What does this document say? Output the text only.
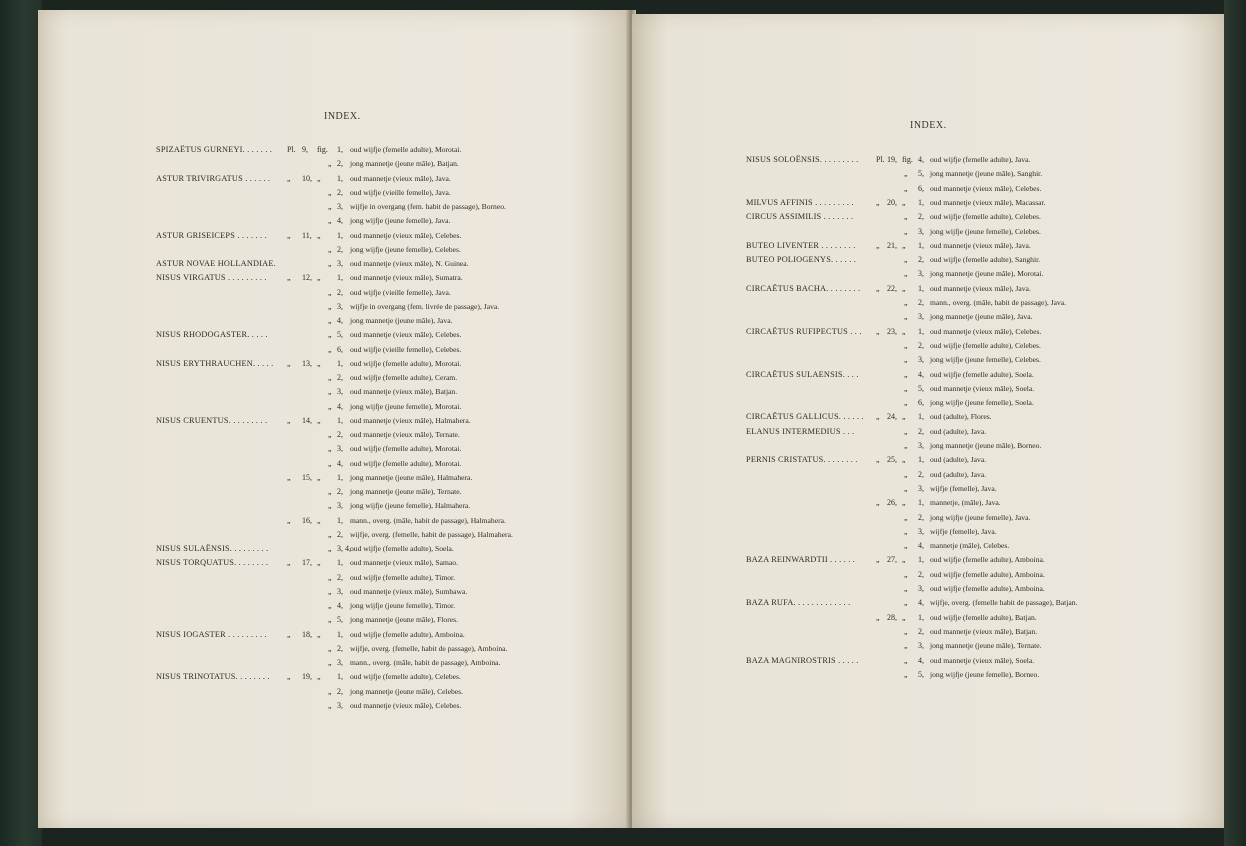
INDEX.
SPIZAËTUS GURNEYI. . . . . . . Pl. 9, fig. 1, oud wijfje (femelle adulte), Morotai.
„ 2, jong mannetje (jeune mâle), Batjan.
ASTUR TRIVIRGATUS . . . . . . „ 10, „ 1, oud mannetje (vieux mâle), Java.
„ 2, oud wijfje (vieille femelle), Java.
„ 3, wijfje in overgang (fem. habit de passage), Borneo.
„ 4, jong wijfje (jeune femelle), Java.
ASTUR GRISEICEPS . . . . . . .	„ 11, „ 1, oud mannetje (vieux mâle), Celebes.
„ 2, jong wijfje (jeune femelle), Celebes.
ASTUR NOVAE HOLLANDIAE.	„ 3, oud mannetje (vieux mâle), N. Guinea.
NISUS VIRGATUS . . . . . . . . .	„ 12, „ 1, oud mannetje (vieux mâle), Sumatra.
„ 2, oud wijfje (vieille femelle), Java.
„ 3, wijfje in overgang (fem. livrée de passage), Java.
„ 4, jong mannetje (jeune mâle), Java.
NISUS RHODOGASTER. . . . .	„ 5, oud mannetje (vieux mâle), Celebes.
„ 6, oud wijfje (vieille femelle), Celebes.
NISUS ERYTHRAUCHEN. . . . . „ 13, „ 1, oud wijfje (femelle adulte), Morotai.
„ 2, oud wijfje (femelle adulte), Ceram.
„ 3, oud mannetje (vieux mâle), Batjan.
„ 4, jong wijfje (jeune femelle), Morotai.
NISUS CRUENTUS. . . . . . . . . „ 14, „ 1, oud mannetje (vieux mâle), Halmahera.
„ 2, oud mannetje (vieux mâle), Ternate.
„ 3, oud wijfje (femelle adulte), Morotai.
„ 4, oud wijfje (femelle adulte), Morotai.
„ 15, „ 1, jong mannetje (jeune mâle), Halmahera.
„ 2, jong mannetje (jeune mâle), Ternate.
„ 3, jong wijfje (jeune femelle), Halmahera.
„ 16, „ 1, mann., overg. (mâle, habit de passage), Halmahera.
„ 2, wijfje, overg. (femelle, habit de passage), Halmahera.
NISUS SULAËNSIS. . . . . . . . .	„ 3, 4, oud wijfje (femelle adulte), Soela.
NISUS TORQUATUS. . . . . . . . „ 17, „ 1, oud mannetje (vieux mâle), Samao.
„ 2, oud wijfje (femelle adulte), Timor.
„ 3, oud mannetje (vieux mâle), Sumbawa.
„ 4, jong wijfje (jeune femelle), Timor.
„ 5, jong mannetje (jeune mâle), Flores.
NISUS IOGASTER . . . . . . . . .	„ 18, „ 1, oud wijfje (femelle adulte), Amboina.
„ 2, wijfje, overg. (femelle, habit de passage), Amboina.
„ 3, mann., overg. (mâle, habit de passage), Amboina.
NISUS TRINOTATUS. . . . . . . . „ 19, „ 1, oud wijfje (femelle adulte), Celebes.
„ 2, jong mannetje (jeune mâle), Celebes.
„ 3, oud mannetje (vieux mâle), Celebes.
INDEX.
NISUS SOLOËNSIS. . . . . . . . . Pl. 19, fig. 4, oud wijfje (femelle adulte), Java.
„ 5, jong mannetje (jeune mâle), Sanghir.
„ 6, oud mannetje (vieux mâle), Celebes.
MILVUS AFFINIS . . . . . . . . .	„ 20, „ 1, oud mannetje (vieux mâle), Macassar.
CIRCUS ASSIMILIS . . . . . . .	„ 2, oud wijfje (femelle adulte), Celebes.
„ 3, jong wijfje (jeune femelle), Celebes.
BUTEO LIVENTER . . . . . . . .	„ 21, „ 1, oud mannetje (vieux mâle), Java.
BUTEO POLIOGENYS. . . . . .	„ 2, oud wijfje (femelle adulte), Sanghir.
„ 3, jong mannetje (jeune mâle), Morotai.
CIRCAËTUS BACHA. . . . . . . . „ 22, „ 1, oud mannetje (vieux mâle), Java.
„ 2, mann., overg. (mâle, habit de passage), Java.
„ 3, jong mannetje (jeune mâle), Java.
CIRCAËTUS RUFIPECTUS . . . „ 23, „ 1, oud mannetje (vieux mâle), Celebes.
„ 2, oud wijfje (femelle adulte), Celebes.
„ 3, jong wijfje (jeune femelle), Celebes.
CIRCAËTUS SULAENSIS. . . .	„ 4, oud wijfje (femelle adulte), Soela.
„ 5, oud mannetje (vieux mâle), Soela.
„ 6, jong wijfje (jeune femelle), Soela.
CIRCAËTUS GALLICUS. . . . . . „ 24, „ 1, oud (adulte), Flores.
ELANUS INTERMEDIUS . . .	„ 2, oud (adulte), Java.
„ 3, jong mannetje (jeune mâle), Borneo.
PERNIS CRISTATUS. . . . . . . . „ 25, „ 1, oud (adulte), Java.
„ 2, oud (adulte), Java.
„ 3, wijfje (femelle), Java.
„ 26, „ 1, mannetje, (mâle), Java.
„ 2, jong wijfje (jeune femelle), Java.
„ 3, wijfje (femelle), Java.
„ 4, mannetje (mâle), Celebes.
BAZA REINWARDTII . . . . . .	„ 27, „ 1, oud wijfje (femelle adulte), Amboina.
„ 2, oud wijfje (femelle adulte), Amboina.
„ 3, oud wijfje (femelle adulte), Amboina.
BAZA RUFA. . . . . . . . . . . . .	„ 4, wijfje, overg. (femelle habit de passage), Batjan.
„ 28, „ 1, oud wijfje (femelle adulte), Batjan.
„ 2, oud mannetje (vieux mâle), Batjan.
„ 3, jong mannetje (jeune mâle), Ternate.
BAZA MAGNIROSTRIS . . . . .	„ 4, oud mannetje (vieux mâle), Soela.
„ 5, jong wijfje (jeune femelle), Borneo.
